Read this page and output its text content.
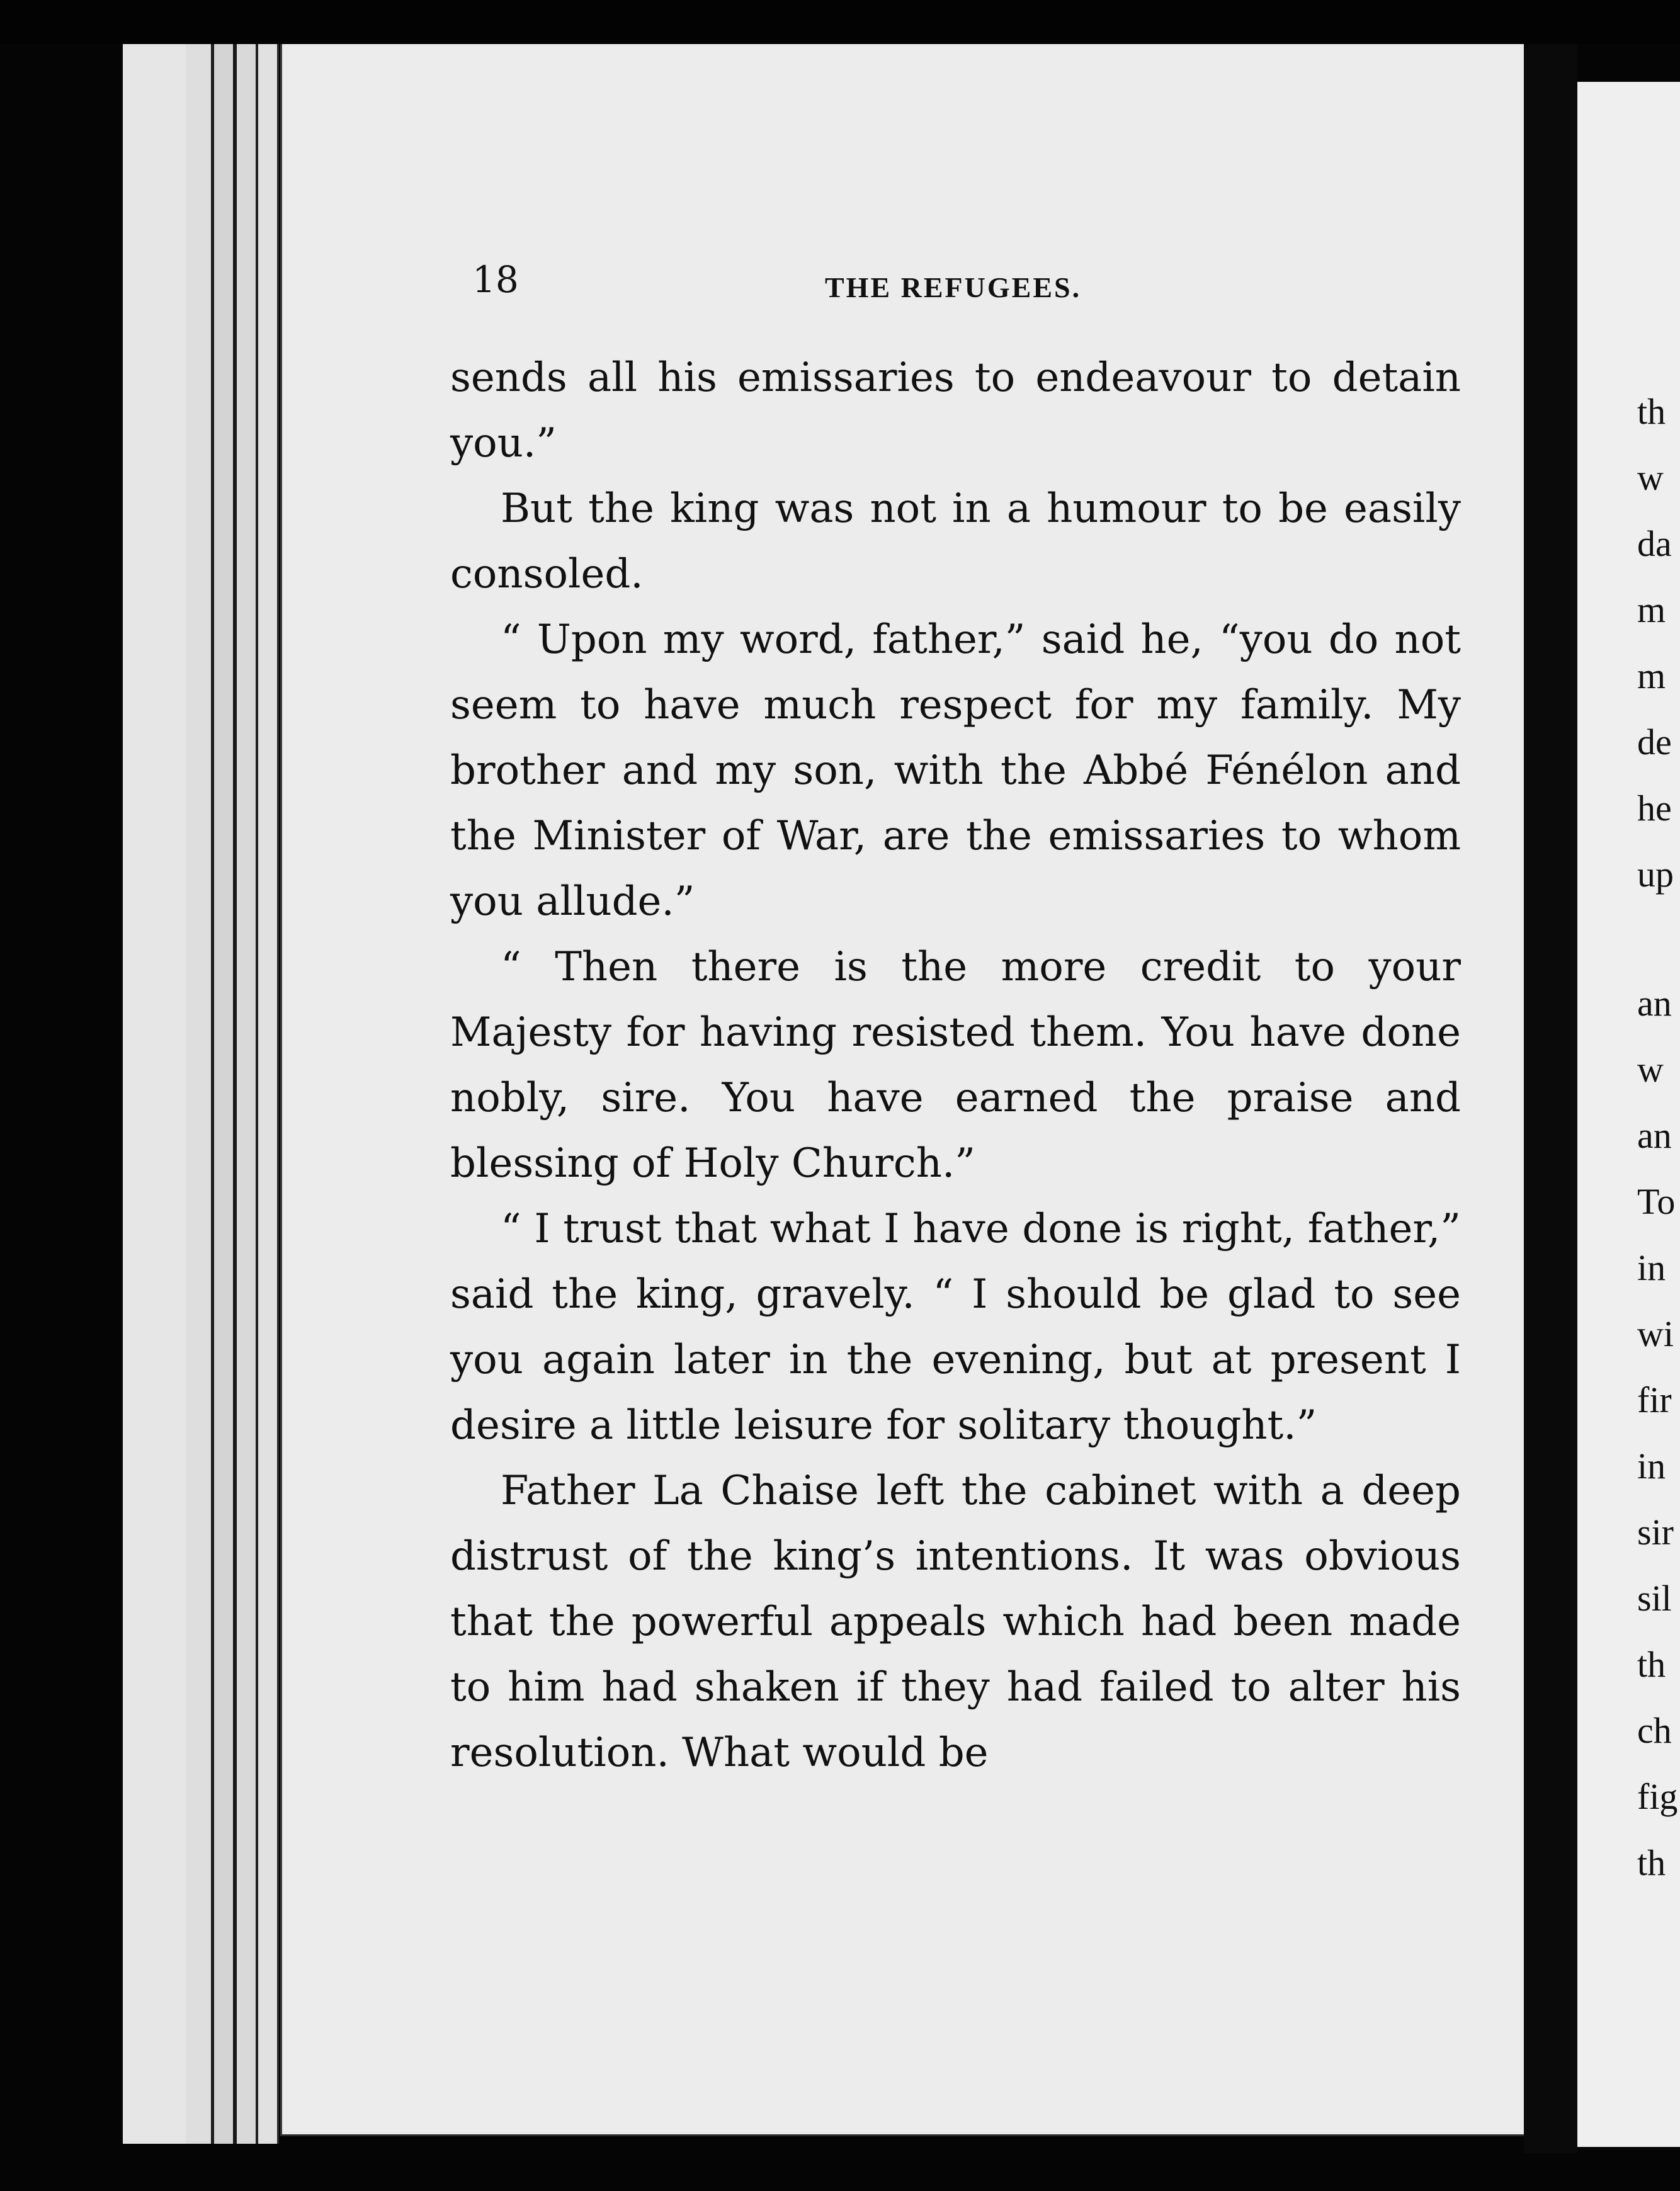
18	THE REFUGEES.

sends all his emissaries to endeavour to detain you.”

But the king was not in a humour to be easily consoled.

“ Upon my word, father,” said he, “you do not seem to have much respect for my family. My brother and my son, with the Abbé Fénélon and the Minister of War, are the emissaries to whom you allude.”

“ Then there is the more credit to your Majesty for having resisted them. You have done nobly, sire. You have earned the praise and blessing of Holy Church.”

“ I trust that what I have done is right, father,” said the king, gravely. “ I should be glad to see you again later in the evening, but at present I desire a little leisure for solitary thought.”

Father La Chaise left the cabinet with a deep distrust of the king’s intentions. It was obvious that the powerful appeals which had been made to him had shaken if they had failed to alter his resolution. What would be

th
w
da
m
m
de
he
up
an
w
an
To
in
wi
fir
in
sir
sil
th
ch
fig
th
